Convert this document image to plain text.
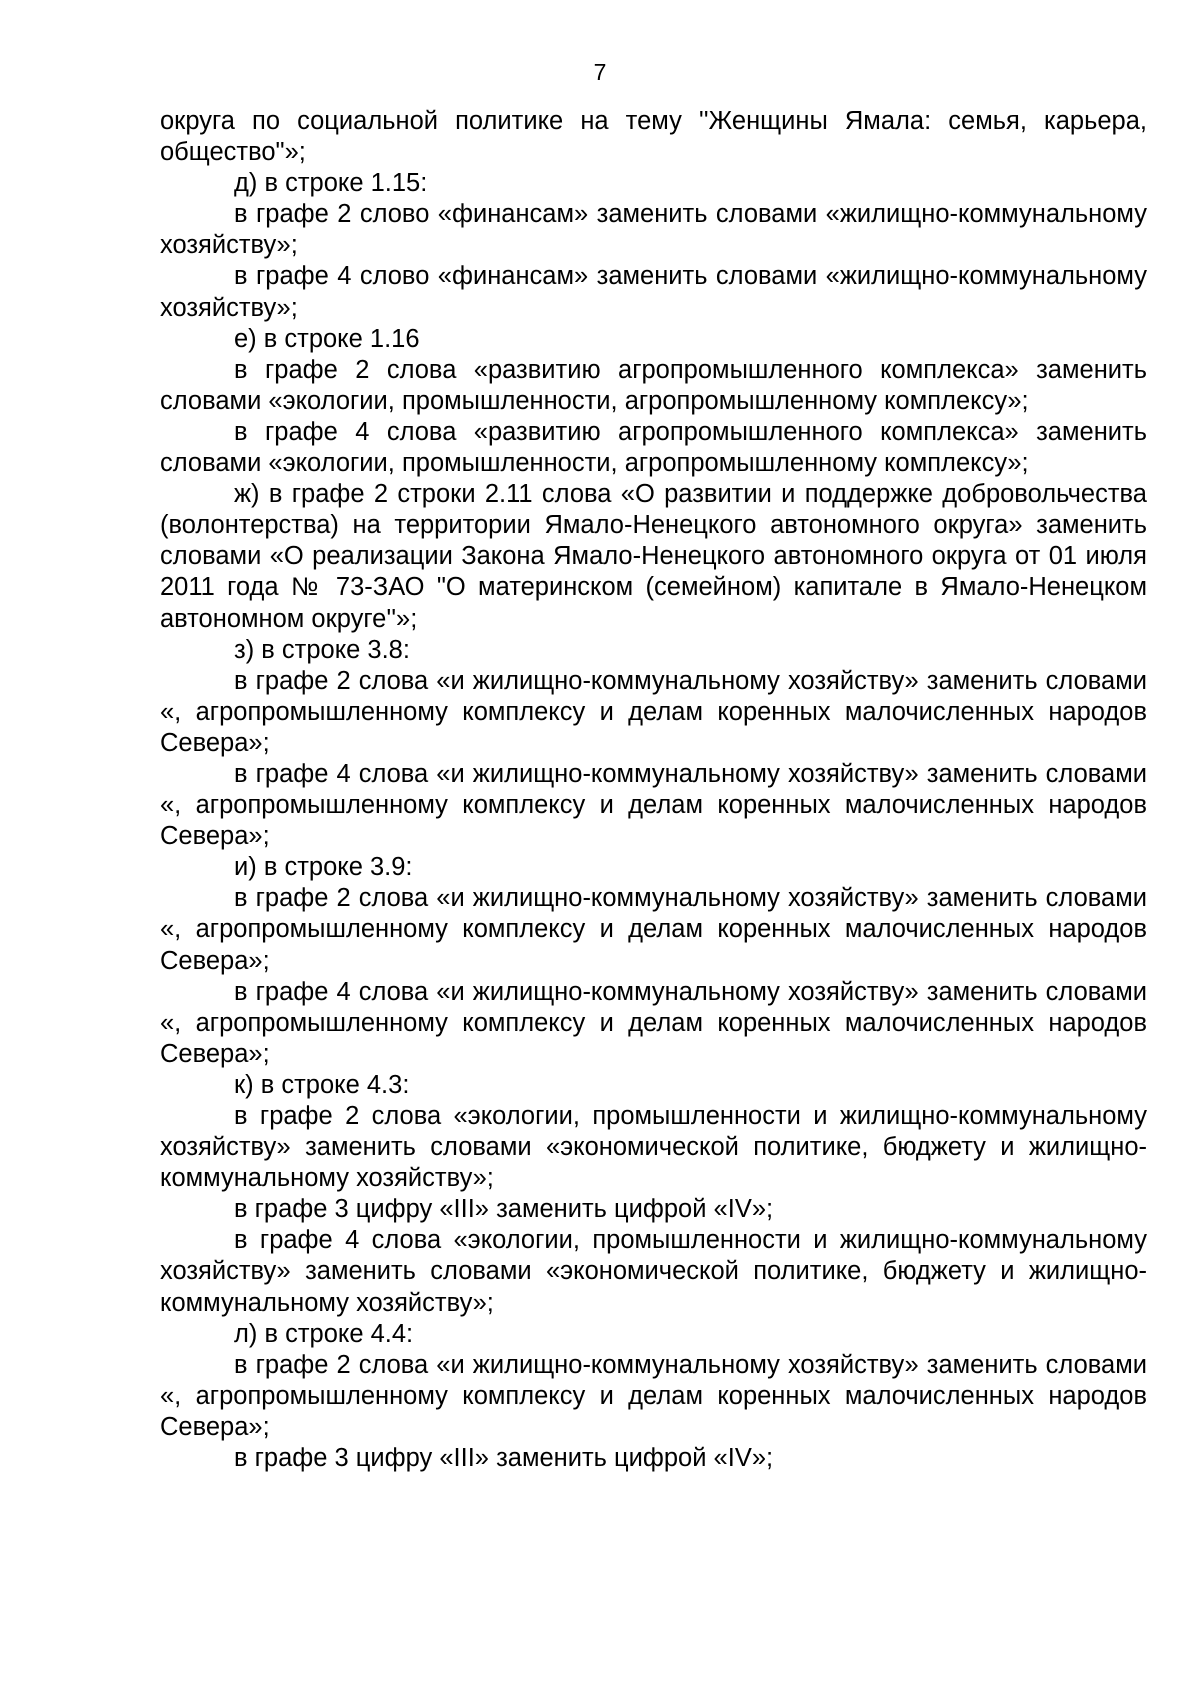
7

округа по социальной политике на тему ''Женщины Ямала: семья, карьера, общество"»;

д) в строке 1.15:

в графе 2 слово «финансам» заменить словами «жилищно-коммунальному хозяйству»;

в графе 4 слово «финансам» заменить словами «жилищно-коммунальному хозяйству»;

е) в строке 1.16

в графе 2 слова «развитию агропромышленного комплекса» заменить словами «экологии, промышленности, агропромышленному комплексу»;

в графе 4 слова «развитию агропромышленного комплекса» заменить словами «экологии, промышленности, агропромышленному комплексу»;

ж) в графе 2 строки 2.11 слова «О развитии и поддержке добровольчества (волонтерства) на территории Ямало-Ненецкого автономного округа» заменить словами «О реализации Закона Ямало-Ненецкого автономного округа от 01 июля 2011 года № 73-ЗАО "О материнском (семейном) капитале в Ямало-Ненецком автономном округе''»;

з) в строке 3.8:

в графе 2 слова «и жилищно-коммунальному хозяйству» заменить словами «, агропромышленному комплексу и делам коренных малочисленных народов Севера»;

в графе 4 слова «и жилищно-коммунальному хозяйству» заменить словами «, агропромышленному комплексу и делам коренных малочисленных народов Севера»;

и) в строке 3.9:

в графе 2 слова «и жилищно-коммунальному хозяйству» заменить словами «, агропромышленному комплексу и делам коренных малочисленных народов Севера»;

в графе 4 слова «и жилищно-коммунальному хозяйству» заменить словами «, агропромышленному комплексу и делам коренных малочисленных народов Севера»;

к) в строке 4.3:

в графе 2 слова «экологии, промышленности и жилищно-коммунальному хозяйству» заменить словами «экономической политике, бюджету и жилищно-коммунальному хозяйству»;

в графе 3 цифру «III» заменить цифрой «IV»;

в графе 4 слова «экологии, промышленности и жилищно-коммунальному хозяйству» заменить словами «экономической политике, бюджету и жилищно-коммунальному хозяйству»;

л) в строке 4.4:

в графе 2 слова «и жилищно-коммунальному хозяйству» заменить словами «, агропромышленному комплексу и делам коренных малочисленных народов Севера»;

в графе 3 цифру «III» заменить цифрой «IV»;
